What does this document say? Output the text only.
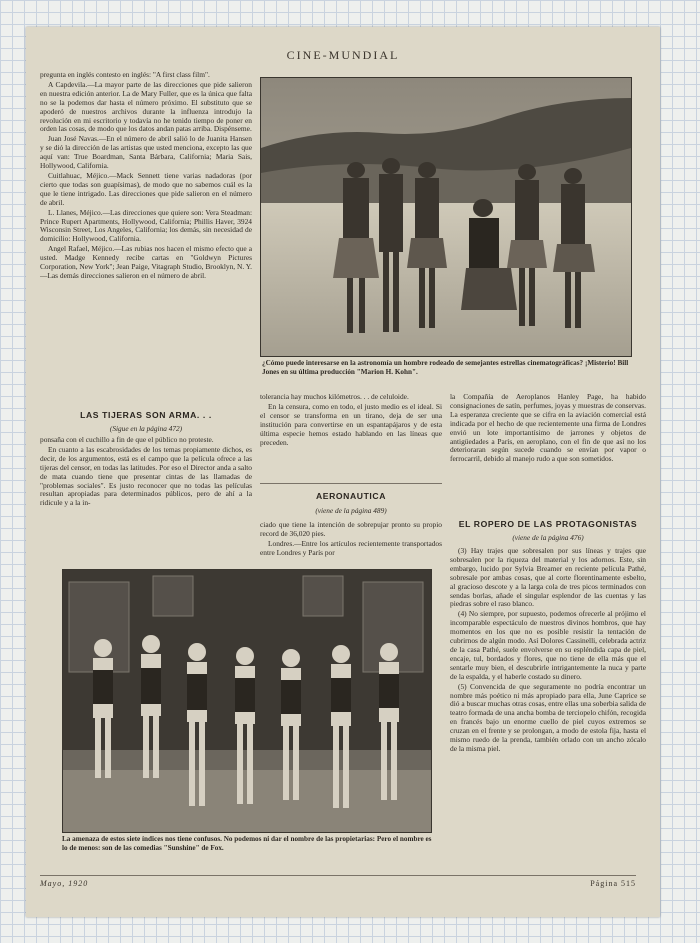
CINE-MUNDIAL

pregunta en inglés contesto en inglés: "A first class film".

A Capdevila.—La mayor parte de las direcciones que pide salieron en nuestra edición anterior. La de Mary Fuller, que es la única que falta no se la podemos dar hasta el número próximo. El substituto que se apoderó de nuestros archivos durante la influenza introdujo la revolución en mi escritorio y todavía no he tenido tiempo de poner en orden las cosas, de modo que los datos andan patas arriba. Dispénseme.

Juan José Navas.—En el número de abril salió lo de Juanita Hansen y se dió la dirección de las artistas que usted menciona, excepto las que aquí van: True Boardman, Santa Bárbara, California; Maria Sais, Hollywood, California.

Cuitlahuac, Méjico.—Mack Sennett tiene varias nadadoras (por cierto que todas son guapísimas), de modo que no sabemos cuál es la que le tiene intrigado. Las direcciones que pide salieron en el número de abril.

L. Llanes, Méjico.—Las direcciones que quiere son: Vera Steadman: Prince Rupert Apartments, Hollywood, California; Phillis Haver, 3924 Wisconsin Street, Los Angeles, California; los demás, sin necesidad de domicilio: Hollywood, California.

Angel Rafael, Méjico.—Las rubias nos hacen el mismo efecto que a usted. Madge Kennedy recibe cartas en "Goldwyn Pictures Corporation, New York"; Jean Paige, Vitagraph Studio, Brooklyn, N. Y.—Las demás direcciones salieron en el número de abril.

¿Cómo puede interesarse en la astronomía un hombre rodeado de semejantes estrellas cinematográficas? ¡Misterio! Bill Jones en su última producción "Marion H. Kohn".
LAS TIJERAS SON ARMA. . .
(Sigue en la página 472)

ponsaña con el cuchillo a fin de que el público no proteste.

En cuanto a las escabrosidades de los temas propiamente dichos, es decir, de los argumentos, está es el campo que la película ofrece a las tijeras del censor, en todas las latitudes. Por eso el Director anda a salto de mata cuando tiene que presentar cintas de las llamadas de "problemas sociales". Es justo reconocer que no todas las películas resultan apropiadas para determinados públicos, pero de ahí a la ridicule y a la in-

tolerancia hay muchos kilómetros. . . de celuloide.

En la censura, como en todo, el justo medio es el ideal. Si el censor se transforma en un tirano, deja de ser una institución para convertirse en un espantapájaros y de esta última especie hemos estado hablando en las líneas que preceden.

AERONAUTICA
(viene de la página 489)

ciado que tiene la intención de sobrepujar pronto su propio record de 36,020 pies.

Londres.—Entre los artículos recientemente transportados entre Londres y París por

la Compañía de Aeroplanos Hanley Page, ha habido consignaciones de satín, perfumes, joyas y muestras de conservas. La esperanza creciente que se cifra en la aviación comercial está indicada por el hecho de que recientemente una firma de Londres envió un lote importantísimo de jarrones y objetos de antigüedades a París, en aeroplano, con el fin de que así no los deterioraran según sucede cuando se envían por vapor o ferrocarril, debido al manejo rudo a que son sometidos.

EL ROPERO DE LAS PROTAGONISTAS
(viene de la página 476)

(3) Hay trajes que sobresalen por sus líneas y trajes que sobresalen por la riqueza del material y los adornos. Este, sin embargo, lucido por Sylvia Breamer en reciente película Pathé, sobresale por ambas cosas, que al corte florentinamente esbelto, al gracioso descote y a la larga cola de tres picos terminados con sendas borlas, añade el singular esplendor de las cuentas y las piedras sobre el raso blanco.

(4) No siempre, por supuesto, podemos ofrecerle al prójimo el incomparable espectáculo de nuestros divinos hombros, que hay momentos en los que no es posible resistir la tentación de cubrirnos de algún modo. Así Dolores Cassinelli, celebrada actriz de la casa Pathé, suele envolverse en su espléndida capa de piel, encaje, tul, bordados y flores, que no tiene de ella más que el sentarle muy bien, el descubrirle intrigantemente la nuca y parte de la espalda, y el haberle costado su dinero.

(5) Convencida de que seguramente no podría encontrar un nombre más poético ni más apropiado para ella, June Caprice se dió a buscar muchas otras cosas, entre ellas una soberbia salida de teatro formada de una ancha bomba de terciopelo chifón, recogida en francés bajo un enorme cuello de piel cuyos extremos se cruzan en el frente y se prolongan, a modo de estola fija, hasta el mismo ruedo de la prenda, también orlado con un ancho zócalo de la misma piel.

La amenaza de estos siete índices nos tiene confusos. No podemos ni dar el nombre de las propietarias: Pero el nombre es lo de menos: son de las comedias "Sunshine" de Fox.
Mayo, 1920	Página 515
